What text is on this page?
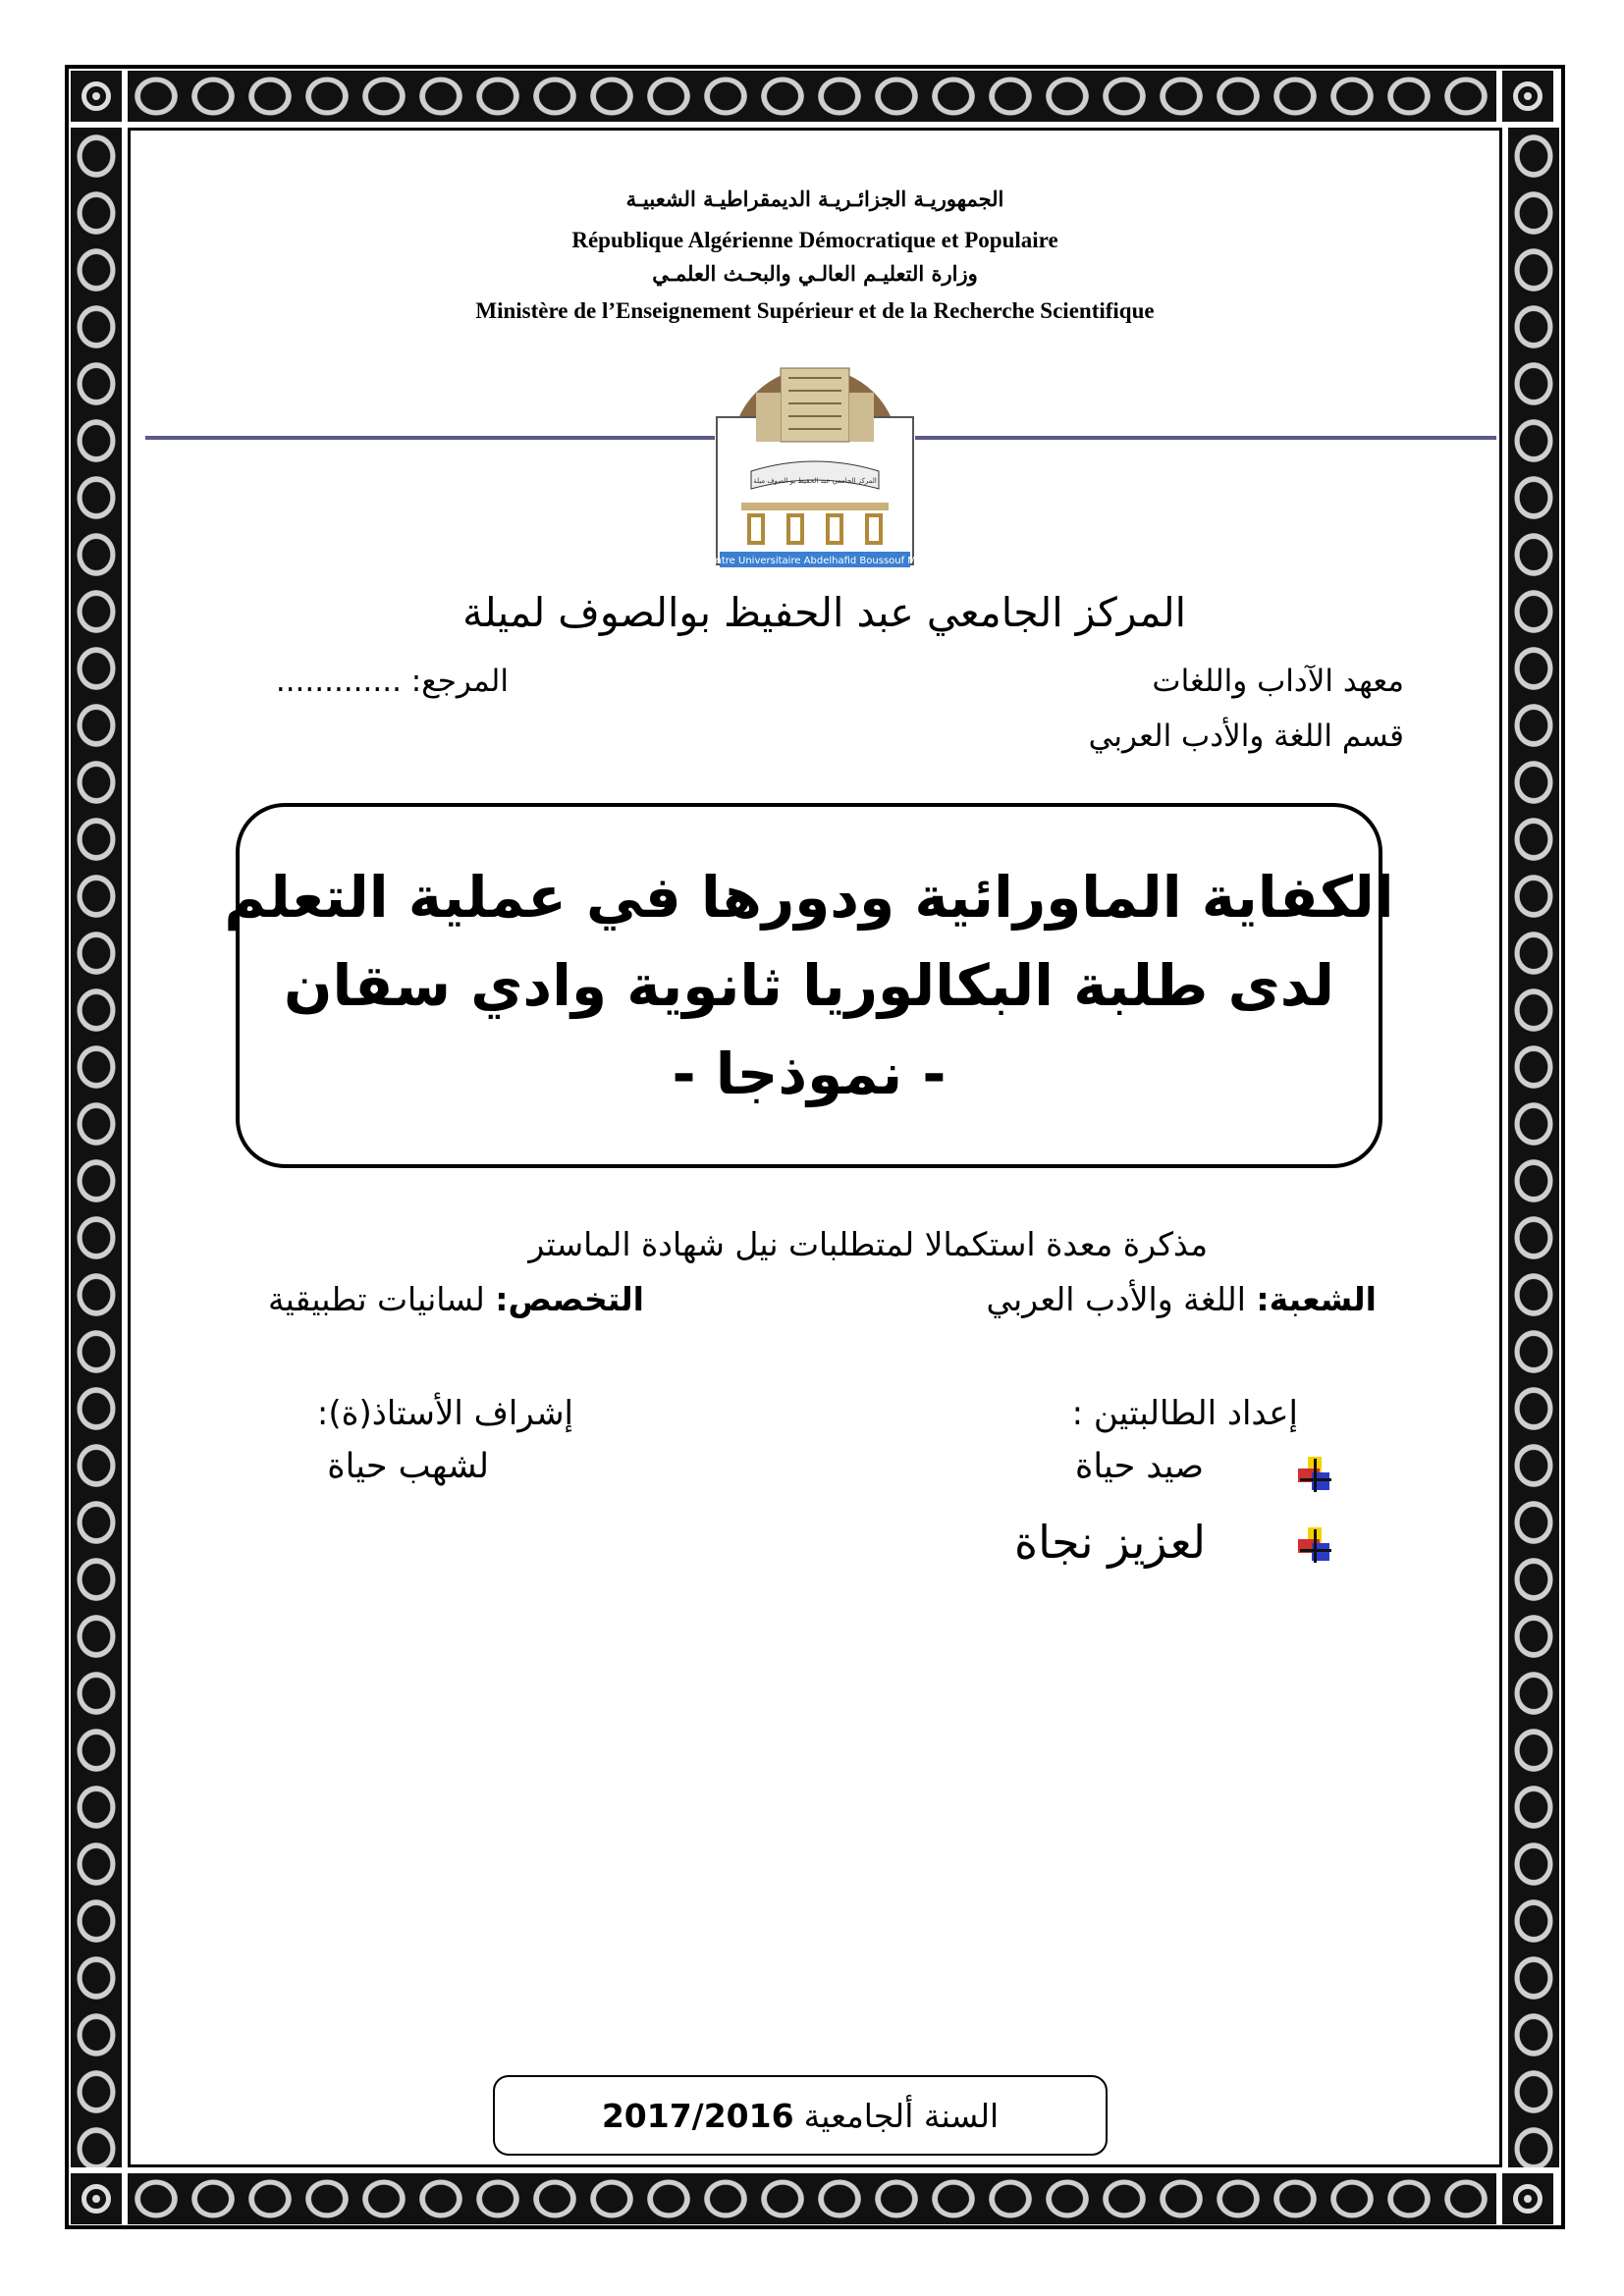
الجمهوريـة الجزائـريـة الديمقراطيـة الشعبيـة
République Algérienne Démocratique et Populaire
وزارة التعليـم العالـي والبحـث العلمـي
Ministère de l’Enseignement Supérieur et de la Recherche Scientifique
المركز الجامعي عبد الحفيظ بو الصوف ميلة
Centre Universitaire Abdelhafid Boussouf Mila
المركز الجامعي عبد الحفيظ بوالصوف لميلة
معهد الآداب واللغات
المرجع: .............
قسم اللغة والأدب العربي
الكفاية الماورائية ودورها في عملية التعلم
لدى طلبة البكالوريا ثانوية وادي سقان
- نموذجا -
مذكرة معدة استكمالا لمتطلبات نيل شهادة الماستر
الشعبة: اللغة والأدب العربي
التخصص: لسانيات تطبيقية
إعداد الطالبتين :
إشراف الأستاذ(ة):
صيد حياة
لشهب حياة
لعزيز نجاة
السنة ألجامعية
2017/2016
